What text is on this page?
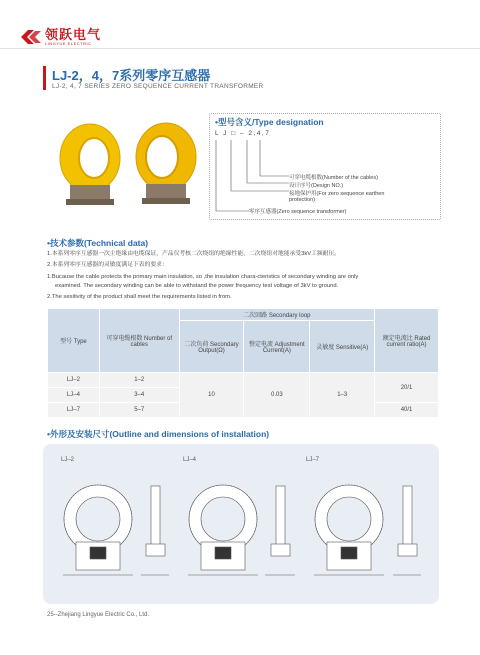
领跃电气
LINGYUE ELECTRIC
LJ-2，4，7系列零序互感器
LJ-2, 4, 7 SERIES ZERO SEQUENCE CURRENT TRANSFORMER
•型号含义/Type designation
L J □ – 2,4,7
可穿电缆根数(Number of the cables)
设计序号(Design NO.)
接地保护用(For zero sequence earthen
protection)
零序互感器(Zero sequence transformer)
•技术参数(Technical data)
1.本系列零序互感器一次主绝缘由电缆保证，产品仅考核二次绕组的绝缘性能，二次绕组对地能承受3kV工频耐压。
2.本系列零序互感器的灵敏度满足下表的要求：
1.Bucause the cable protects the primary main insulation, so ,the insulation chara-cteristics of secondary winding are only
examined. The secondary winding can be able to withstand the power frequency test voltage of 3kV to ground.
2.The sesitivity of the product shall meet the requirements listed in from.
型号 Type	可穿电缆根数 Number of cables	二次回路 Secondary loop			额定电流比 Rated current ratio(A)
		二次负荷 Secondary Output(Ω)	整定电流 Adjustment Current(A)	灵敏度 Sensitive(A)	
LJ–2	1–2	10	0.03	1–3	20/1
LJ–4	3–4				
LJ–7	5–7				40/1
•外形及安装尺寸(Outline and dimensions of installation)
LJ–2	LJ–4	LJ–7
25--Zhejiang Lingyue Electric Co., Ltd.
